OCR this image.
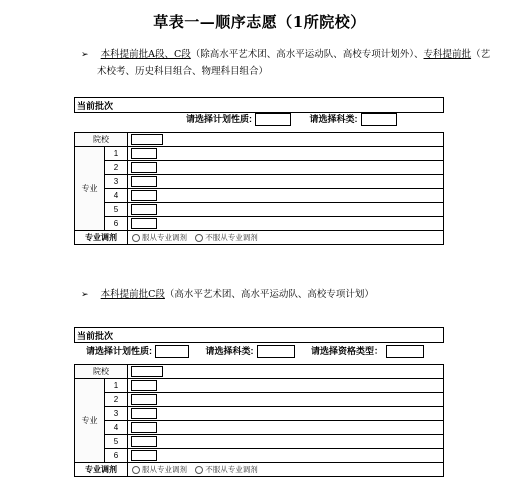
草表一—顺序志愿（1所院校）
➢ 本科提前批A段、C段（除高水平艺术团、高水平运动队、高校专项计划外）、专科提前批（艺
术校考、历史科目组合、物理科目组合）
当前批次
请选择计划性质:	请选择科类:
院校		
专业	1	
	2	
	3	
	4	
	5	
	6	
专业调剂		服从专业调剂 不服从专业调剂
➢ 本科提前批C段（高水平艺术团、高水平运动队、高校专项计划）
当前批次
请选择计划性质:	请选择科类:	请选择资格类型：
院校		
专业	1	
	2	
	3	
	4	
	5	
	6	
专业调剂		服从专业调剂 不服从专业调剂
